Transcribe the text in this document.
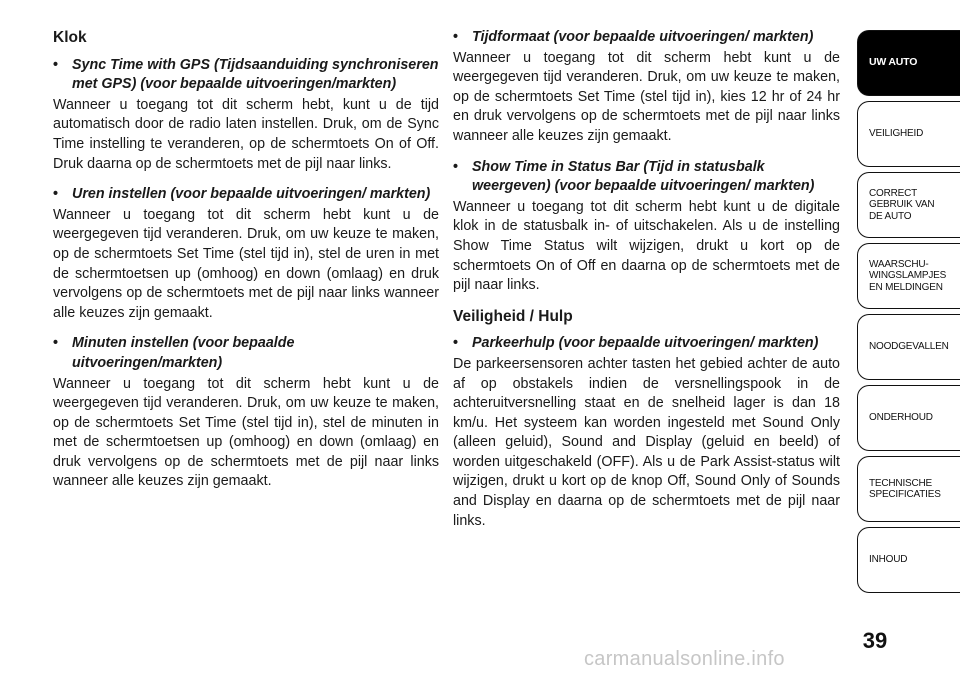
Klok
• Sync Time with GPS (Tijdsaanduiding synchroniseren met GPS) (voor bepaalde uitvoeringen/markten)
Wanneer u toegang tot dit scherm hebt, kunt u de tijd automatisch door de radio laten instellen. Druk, om de Sync Time instelling te veranderen, op de schermtoets On of Off. Druk daarna op de schermtoets met de pijl naar links.
• Uren instellen (voor bepaalde uitvoeringen/ markten)
Wanneer u toegang tot dit scherm hebt kunt u de weergegeven tijd veranderen. Druk, om uw keuze te maken, op de schermtoets Set Time (stel tijd in), stel de uren in met de schermtoetsen up (omhoog) en down (omlaag) en druk vervolgens op de schermtoets met de pijl naar links wanneer alle keuzes zijn gemaakt.
• Minuten instellen (voor bepaalde uitvoeringen/markten)
Wanneer u toegang tot dit scherm hebt kunt u de weergegeven tijd veranderen. Druk, om uw keuze te maken, op de schermtoets Set Time (stel tijd in), stel de minuten in met de schermtoetsen up (omhoog) en down (omlaag) en druk vervolgens op de schermtoets met de pijl naar links wanneer alle keuzes zijn gemaakt.
• Tijdformaat (voor bepaalde uitvoeringen/ markten)
Wanneer u toegang tot dit scherm hebt kunt u de weergegeven tijd veranderen. Druk, om uw keuze te maken, op de schermtoets Set Time (stel tijd in), kies 12 hr of 24 hr en druk vervolgens op de schermtoets met de pijl naar links wanneer alle keuzes zijn gemaakt.
• Show Time in Status Bar (Tijd in statusbalk weergeven) (voor bepaalde uitvoeringen/ markten)
Wanneer u toegang tot dit scherm hebt kunt u de digitale klok in de statusbalk in- of uitschakelen. Als u de instelling Show Time Status wilt wijzigen, drukt u kort op de schermtoets On of Off en daarna op de schermtoets met de pijl naar links.
Veiligheid / Hulp
• Parkeerhulp (voor bepaalde uitvoeringen/ markten)
De parkeersensoren achter tasten het gebied achter de auto af op obstakels indien de versnellingspook in de achteruitversnelling staat en de snelheid lager is dan 18 km/u. Het systeem kan worden ingesteld met Sound Only (alleen geluid), Sound and Display (geluid en beeld) of worden uitgeschakeld (OFF). Als u de Park Assist-status wilt wijzigen, drukt u kort op de knop Off, Sound Only of Sounds and Display en daarna op de schermtoets met de pijl naar links.
UW AUTO
VEILIGHEID
CORRECT
GEBRUIK VAN
DE AUTO
WAARSCHU-
WINGSLAMPJES
EN MELDINGEN
NOODGEVALLEN
ONDERHOUD
TECHNISCHE
SPECIFICATIES
INHOUD
39
carmanualsonline.info
